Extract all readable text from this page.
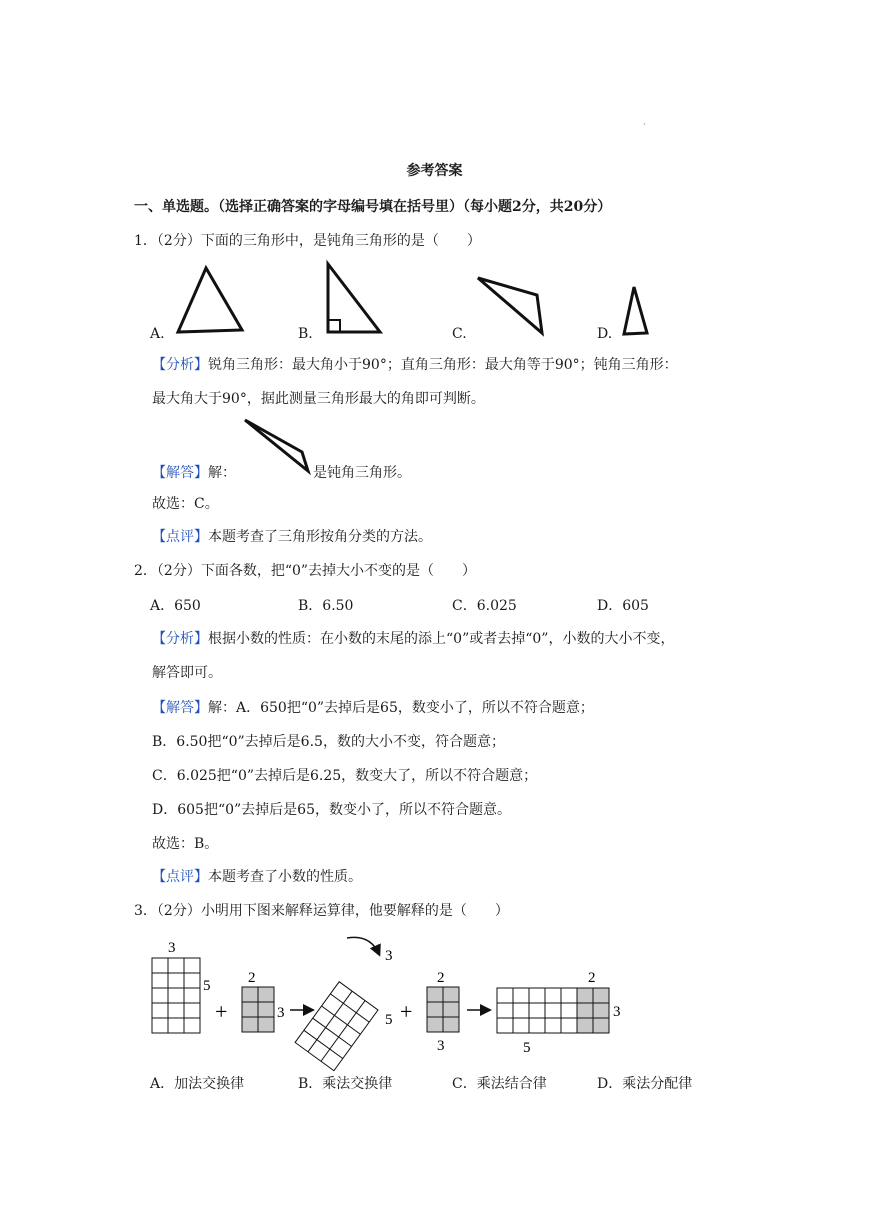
·
参考答案
一、单选题。（选择正确答案的字母编号填在括号里）（每小题2分，共20分）
1．（2分）下面的三角形中，是钝角三角形的是（　　）
A.	B.	C.	D.
【分析】锐角三角形：最大角小于90°；直角三角形：最大角等于90°；钝角三角形：
最大角大于90°，据此测量三角形最大的角即可判断。
【解答】解：	是钝角三角形。
故选：C。
【点评】本题考查了三角形按角分类的方法。
2．（2分）下面各数，把“0”去掉大小不变的是（　　）
A．650	B．6.50	C．6.025	D．605
【分析】根据小数的性质：在小数的末尾的添上“0”或者去掉“0”，小数的大小不变，
解答即可。
【解答】解：A．650把“0”去掉后是65，数变小了，所以不符合题意；
B．6.50把“0”去掉后是6.5，数的大小不变，符合题意；
C．6.025把“0”去掉后是6.25，数变大了，所以不符合题意；
D．605把“0”去掉后是65，数变小了，所以不符合题意。
故选：B。
【点评】本题考查了小数的性质。
3．（2分）小明用下图来解释运算律，他要解释的是（　　）
3
5
+
2
3
3
5 +
2
3
2
3
5
A．加法交换律	B．乘法交换律	C．乘法结合律	D．乘法分配律
